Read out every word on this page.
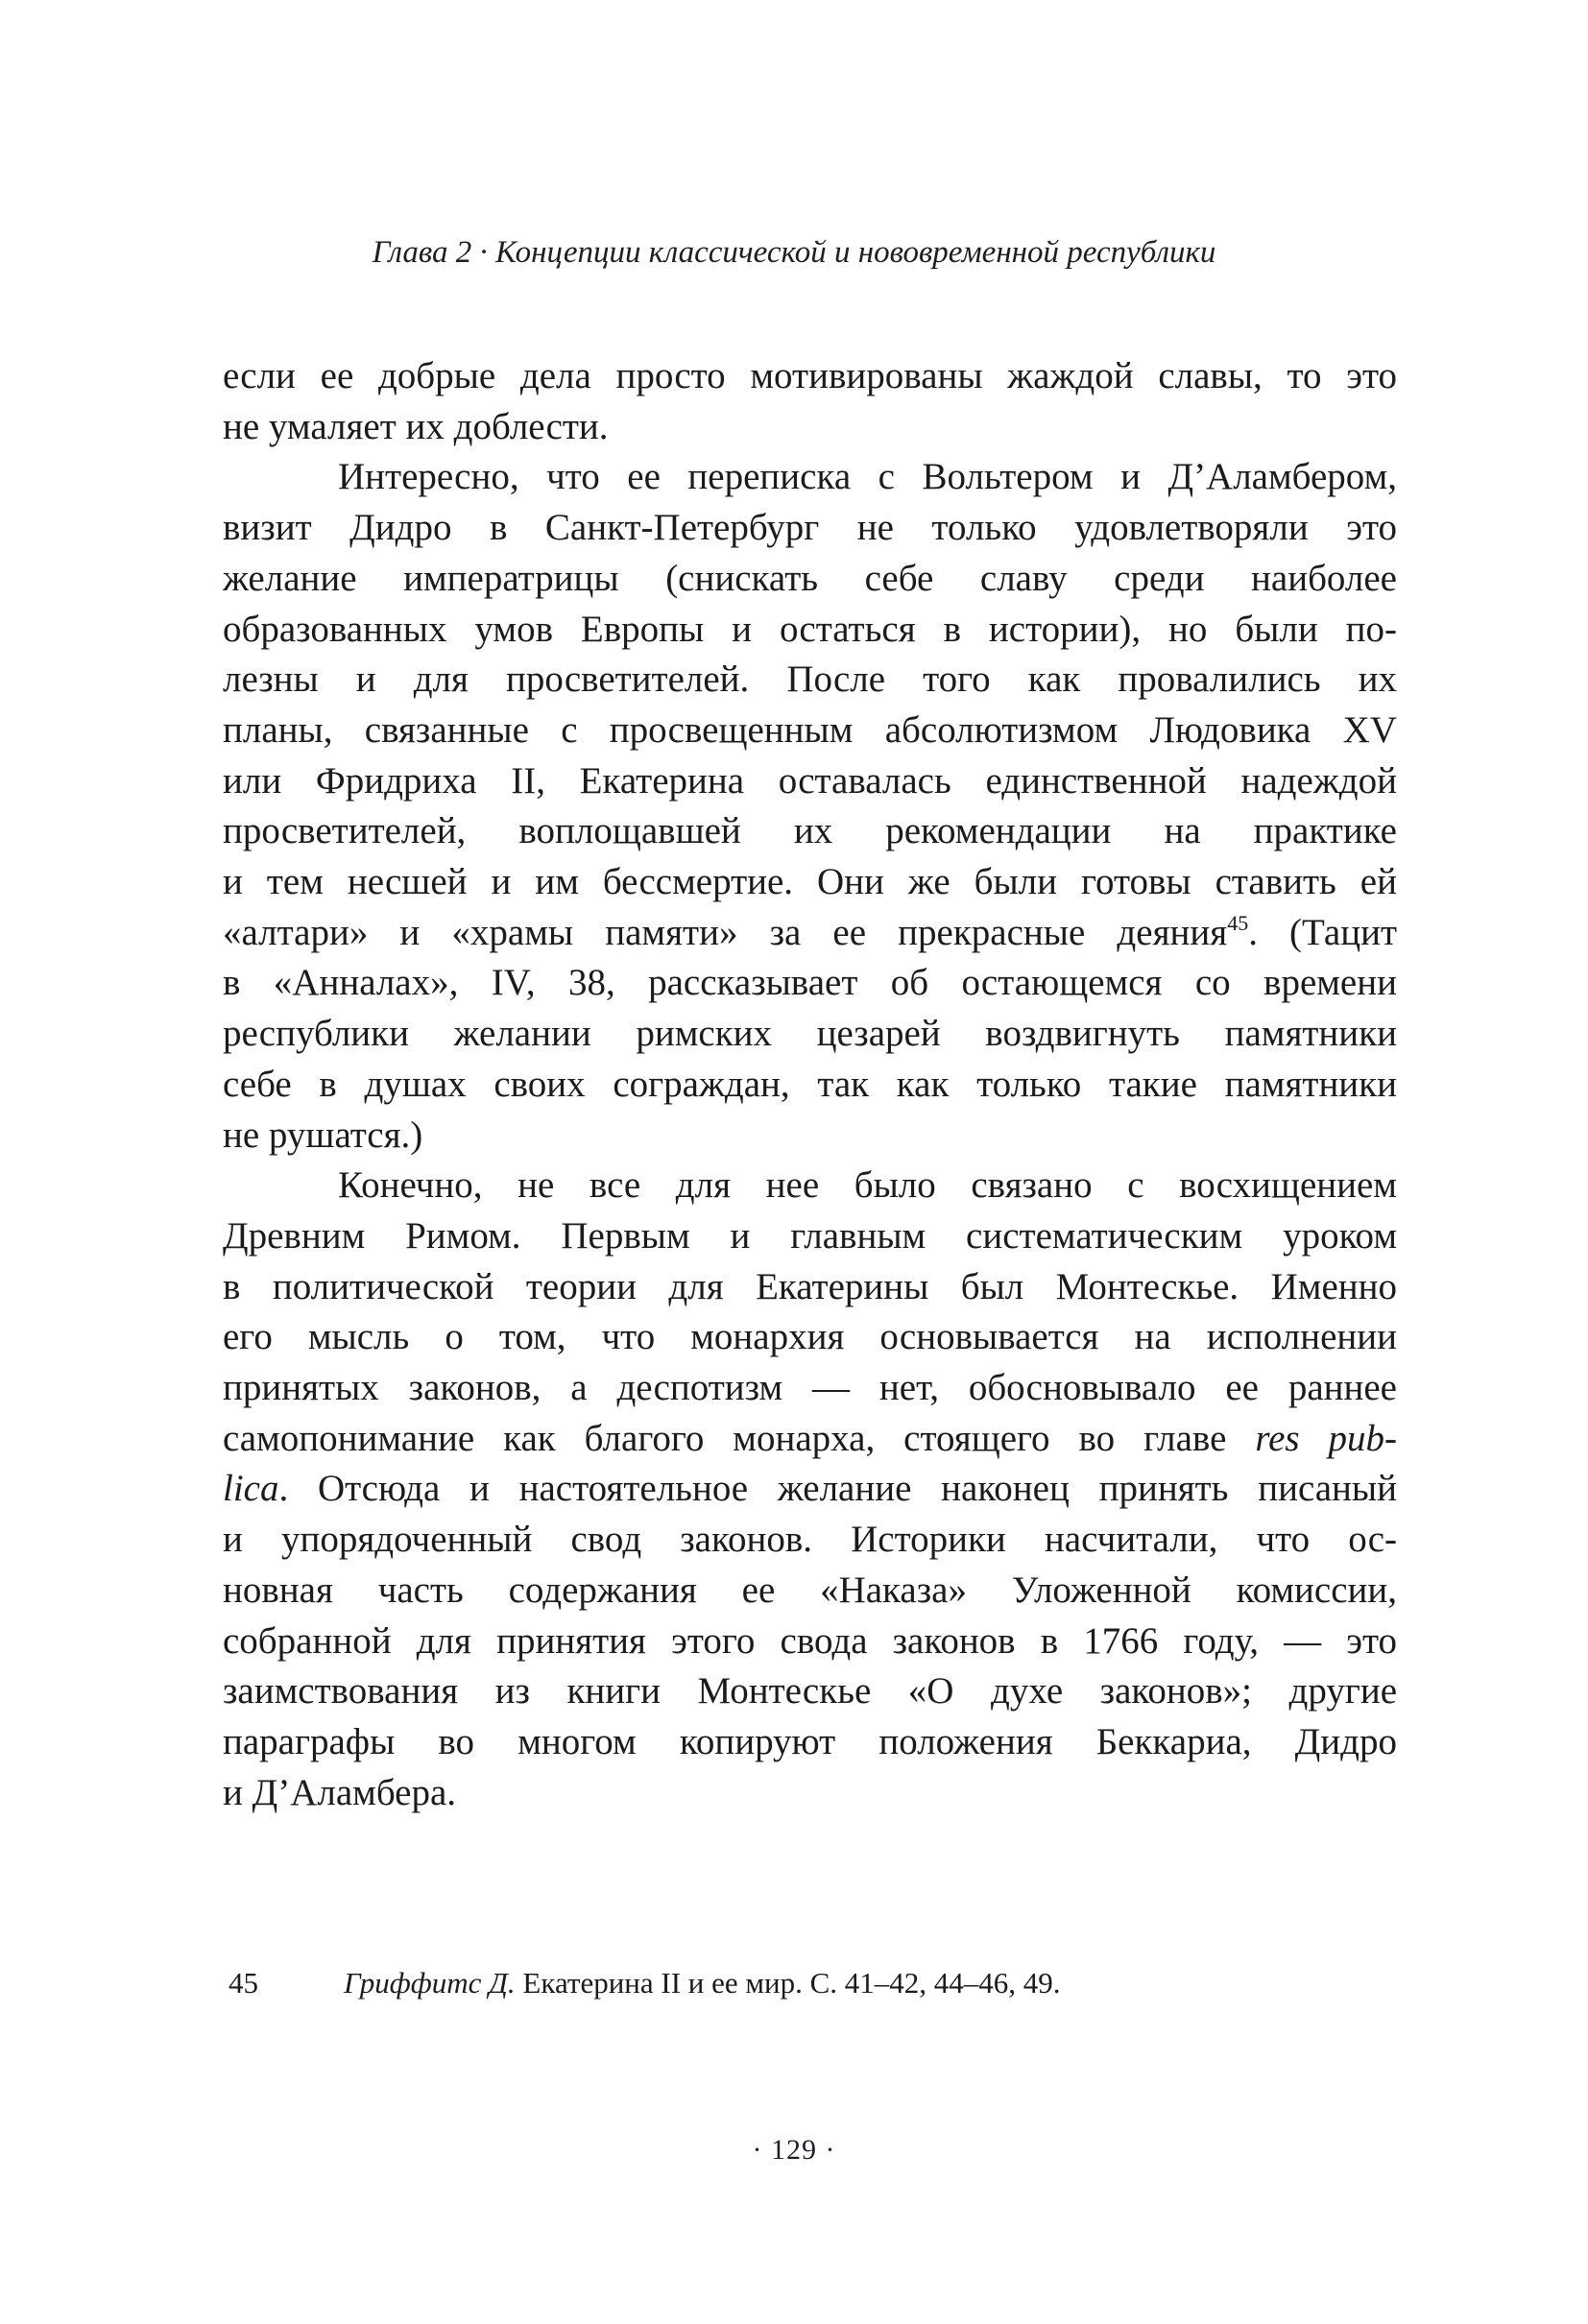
Глава 2 · Концепции классической и нововременной республики
если ее добрые дела просто мотивированы жаждой славы, то это
не умаляет их доблести.
Интересно, что ее переписка с Вольтером и Д’Аламбером,
визит Дидро в Санкт-Петербург не только удовлетворяли это
желание императрицы (снискать себе славу среди наиболее
образованных умов Европы и остаться в истории), но были по-
лезны и для просветителей. После того как провалились их
планы, связанные с просвещенным абсолютизмом Людовика XV
или Фридриха II, Екатерина оставалась единственной надеждой
просветителей, воплощавшей их рекомендации на практике
и тем несшей и им бессмертие. Они же были готовы ставить ей
«алтари» и «храмы памяти» за ее прекрасные деяния$^{45}$. (Тацит
в «Анналах», IV, 38, рассказывает об остающемся со времени
республики желании римских цезарей воздвигнуть памятники
себе в душах своих сограждан, так как только такие памятники
не рушатся.)
Конечно, не все для нее было связано с восхищением
Древним Римом. Первым и главным систематическим уроком
в политической теории для Екатерины был Монтескье. Именно
его мысль о том, что монархия основывается на исполнении
принятых законов, а деспотизм — нет, обосновывало ее раннее
самопонимание как благого монарха, стоящего во главе res pub-
lica. Отсюда и настоятельное желание наконец принять писаный
и упорядоченный свод законов. Историки насчитали, что ос-
новная часть содержания ее «Наказа» Уложенной комиссии,
собранной для принятия этого свода законов в 1766 году, — это
заимствования из книги Монтескье «О духе законов»; другие
параграфы во многом копируют положения Беккариа, Дидро
и Д’Аламбера.
45	Гриффитс Д. Екатерина II и ее мир. С. 41–42, 44–46, 49.
· 129 ·
